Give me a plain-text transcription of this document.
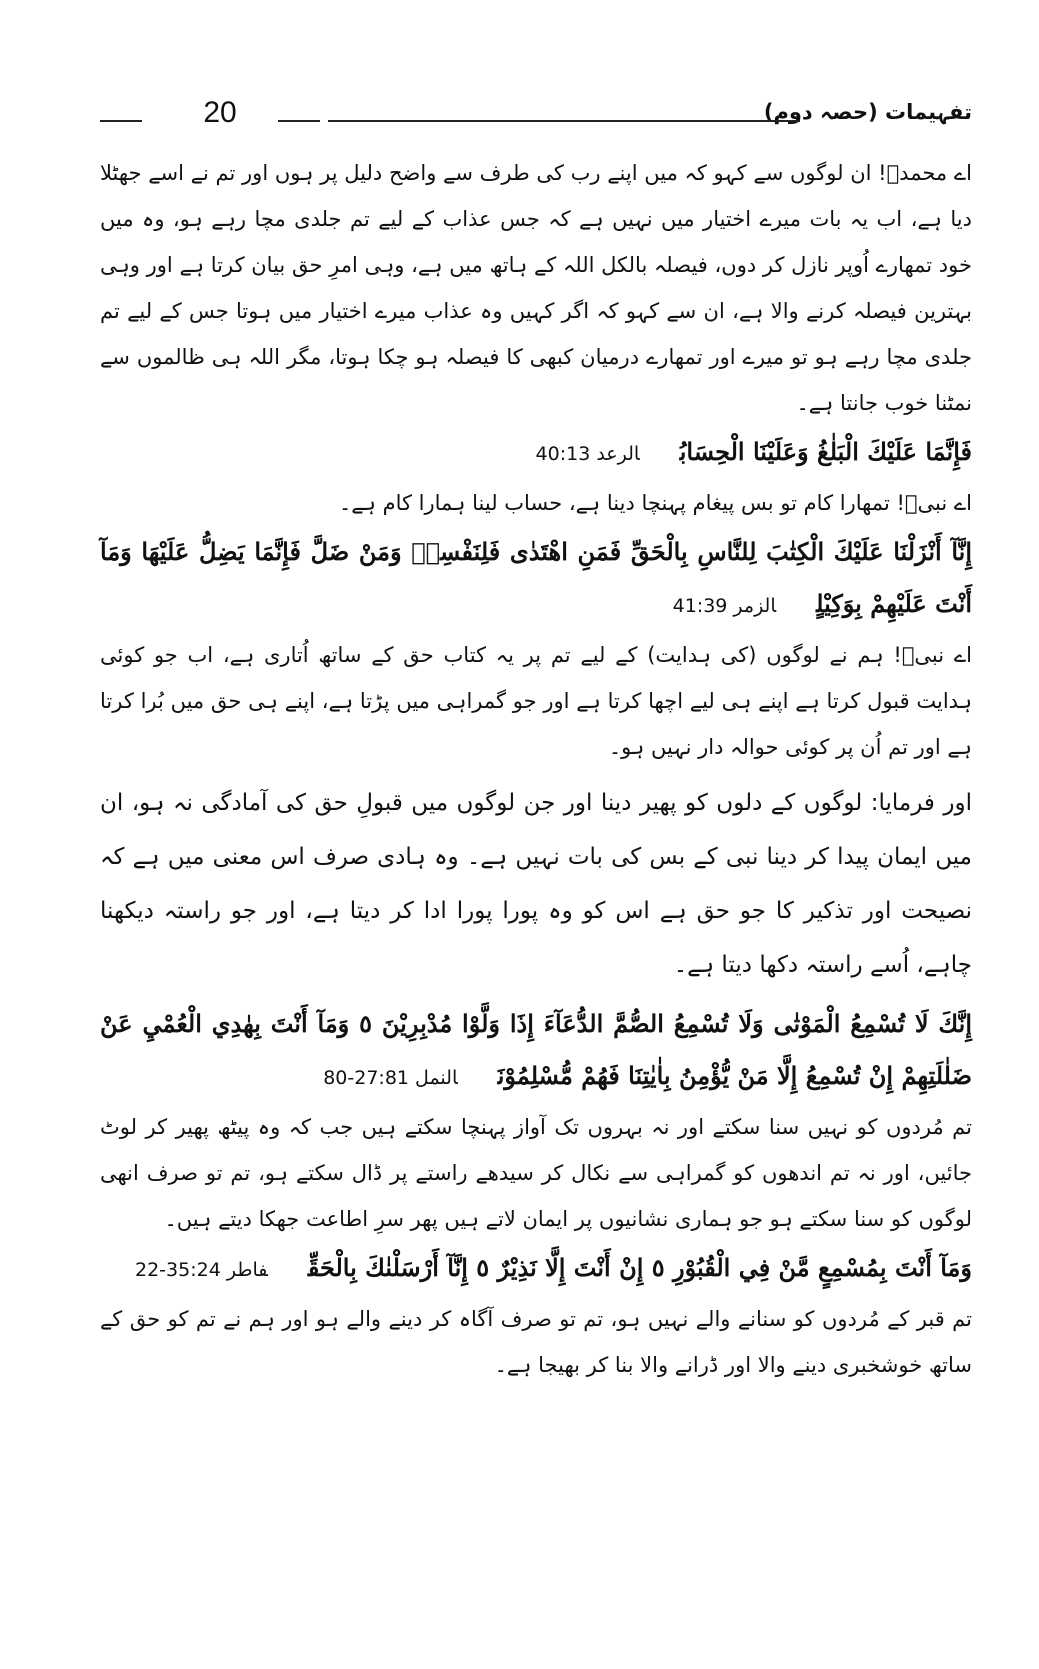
تفہیمات (حصہ دوم)
20

اے محمدؐ! ان لوگوں سے کہو کہ میں اپنے رب کی طرف سے واضح دلیل پر ہوں اور تم نے اسے جھٹلا دیا ہے، اب یہ بات میرے اختیار میں نہیں ہے کہ جس عذاب کے لیے تم جلدی مچا رہے ہو، وہ میں خود تمھارے اُوپر نازل کر دوں، فیصلہ بالکل اللہ کے ہاتھ میں ہے، وہی امرِ حق بیان کرتا ہے اور وہی بہترین فیصلہ کرنے والا ہے، ان سے کہو کہ اگر کہیں وہ عذاب میرے اختیار میں ہوتا جس کے لیے تم جلدی مچا رہے ہو تو میرے اور تمھارے درمیان کبھی کا فیصلہ ہو چکا ہوتا، مگر اللہ ہی ظالموں سے نمٹنا خوب جانتا ہے۔

فَإِنَّمَا عَلَيْكَ الْبَلٰغُ وَعَلَيْنَا الْحِسَابُالرعد 40:13

اے نبیؐ! تمھارا کام تو بس پیغام پہنچا دینا ہے، حساب لینا ہمارا کام ہے۔

إِنَّآ أَنْزَلْنَا عَلَيْكَ الْكِتٰبَ لِلنَّاسِ بِالْحَقِّ فَمَنِ اهْتَدٰى فَلِنَفْسِهٖ وَمَنْ ضَلَّ فَإِنَّمَا يَضِلُّ عَلَيْهَا وَمَآ أَنْتَ عَلَيْهِمْ بِوَكِيْلٍالزمر 41:39

اے نبیؐ! ہم نے لوگوں (کی ہدایت) کے لیے تم پر یہ کتاب حق کے ساتھ اُتاری ہے، اب جو کوئی ہدایت قبول کرتا ہے اپنے ہی لیے اچھا کرتا ہے اور جو گمراہی میں پڑتا ہے، اپنے ہی حق میں بُرا کرتا ہے اور تم اُن پر کوئی حوالہ دار نہیں ہو۔

اور فرمایا: لوگوں کے دلوں کو پھیر دینا اور جن لوگوں میں قبولِ حق کی آمادگی نہ ہو، ان میں ایمان پیدا کر دینا نبی کے بس کی بات نہیں ہے۔ وہ ہادی صرف اس معنی میں ہے کہ نصیحت اور تذکیر کا جو حق ہے اس کو وہ پورا پورا ادا کر دیتا ہے، اور جو راستہ دیکھنا چاہے، اُسے راستہ دکھا دیتا ہے۔

إِنَّكَ لَا تُسْمِعُ الْمَوْتٰى وَلَا تُسْمِعُ الصُّمَّ الدُّعَآءَ إِذَا وَلَّوْا مُدْبِرِيْنَ ٥ وَمَآ أَنْتَ بِهٰدِي الْعُمْيِ عَنْ ضَلٰلَتِهِمْ إِنْ تُسْمِعُ إِلَّا مَنْ يُّؤْمِنُ بِاٰيٰتِنَا فَهُمْ مُّسْلِمُوْنَالنمل 27:81-80

تم مُردوں کو نہیں سنا سکتے اور نہ بہروں تک آواز پہنچا سکتے ہیں جب کہ وہ پیٹھ پھیر کر لوٹ جائیں، اور نہ تم اندھوں کو گمراہی سے نکال کر سیدھے راستے پر ڈال سکتے ہو، تم تو صرف انھی لوگوں کو سنا سکتے ہو جو ہماری نشانیوں پر ایمان لاتے ہیں پھر سرِ اطاعت جھکا دیتے ہیں۔

وَمَآ أَنْتَ بِمُسْمِعٍ مَّنْ فِي الْقُبُوْرِ ٥ إِنْ أَنْتَ إِلَّا نَذِيْرٌ ٥ إِنَّآ أَرْسَلْنٰكَ بِالْحَقِّفاطر 35:24-22

تم قبر کے مُردوں کو سنانے والے نہیں ہو، تم تو صرف آگاہ کر دینے والے ہو اور ہم نے تم کو حق کے ساتھ خوشخبری دینے والا اور ڈرانے والا بنا کر بھیجا ہے۔
